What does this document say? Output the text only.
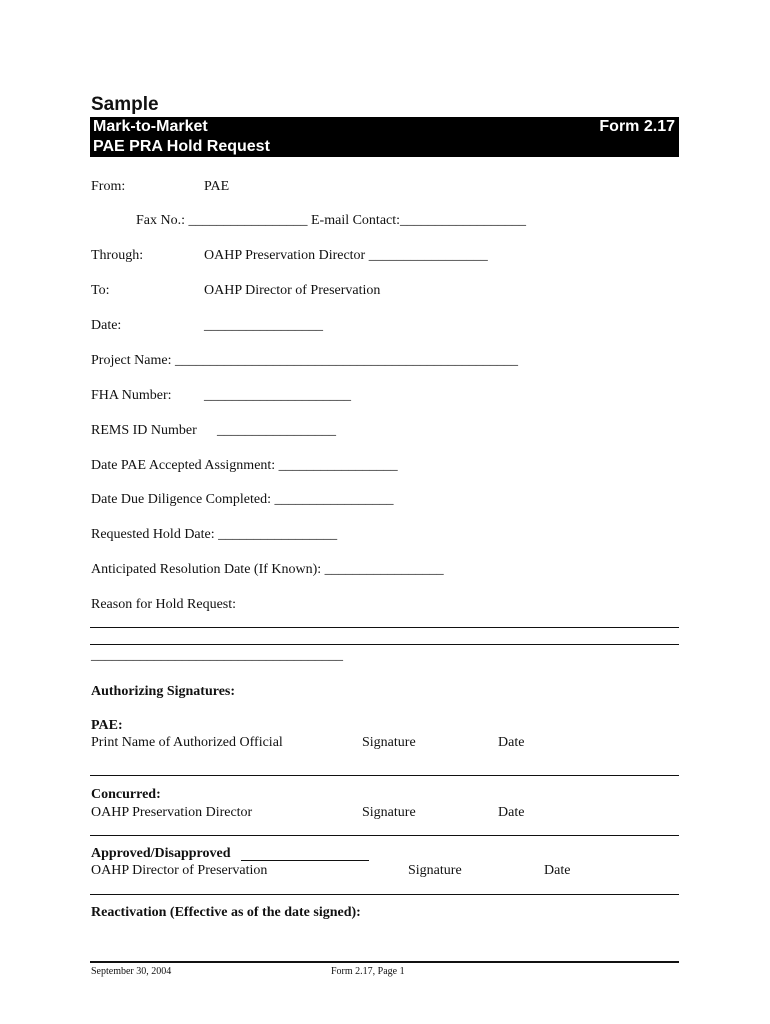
Sample
Mark-to-Market	Form 2.17
PAE PRA Hold Request
From:	PAE
Fax No.: _________________ E-mail Contact:__________________
Through:	OAHP Preservation Director _________________
To:	OAHP Director of Preservation
Date:	_________________
Project Name: _________________________________________________
FHA Number: _____________________
REMS ID Number _________________
Date PAE Accepted Assignment: _________________
Date Due Diligence Completed: _________________
Requested Hold Date: _________________
Anticipated Resolution Date (If Known): _________________
Reason for Hold Request:
____________________________________
Authorizing Signatures:
PAE:
Print Name of Authorized Official	Signature	Date
Concurred:
OAHP Preservation Director	Signature	Date
Approved/Disapproved
OAHP Director of Preservation	Signature	Date
Reactivation (Effective as of the date signed):
September 30, 2004	Form 2.17, Page 1
